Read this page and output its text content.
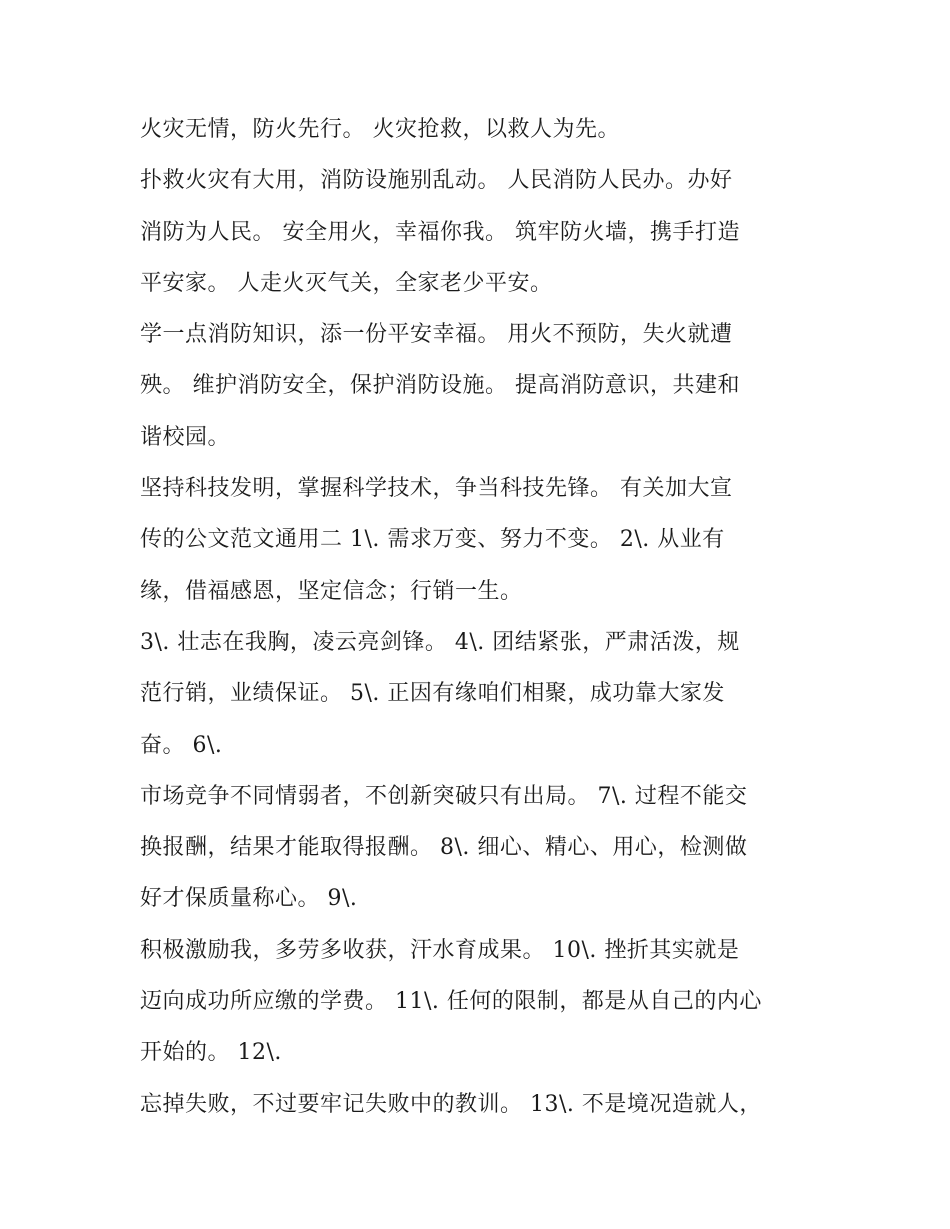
火灾无情，防火先行。 火灾抢救，以救人为先。
扑救火灾有大用，消防设施别乱动。 人民消防人民办。办好
消防为人民。 安全用火，幸福你我。 筑牢防火墙，携手打造
平安家。 人走火灭气关，全家老少平安。
学一点消防知识，添一份平安幸福。 用火不预防，失火就遭
殃。 维护消防安全，保护消防设施。 提高消防意识，共建和
谐校园。
坚持科技发明，掌握科学技术，争当科技先锋。 有关加大宣
传的公文范文通用二 1\. 需求万变、努力不变。 2\. 从业有
缘，借福感恩，坚定信念；行销一生。
3\. 壮志在我胸，凌云亮剑锋。 4\. 团结紧张，严肃活泼，规
范行销，业绩保证。 5\. 正因有缘咱们相聚，成功靠大家发
奋。 6\.
市场竞争不同情弱者，不创新突破只有出局。 7\. 过程不能交
换报酬，结果才能取得报酬。 8\. 细心、精心、用心，检测做
好才保质量称心。 9\.
积极激励我，多劳多收获，汗水育成果。 10\. 挫折其实就是
迈向成功所应缴的学费。 11\. 任何的限制，都是从自己的内心
开始的。 12\.
忘掉失败，不过要牢记失败中的教训。 13\. 不是境况造就人，
